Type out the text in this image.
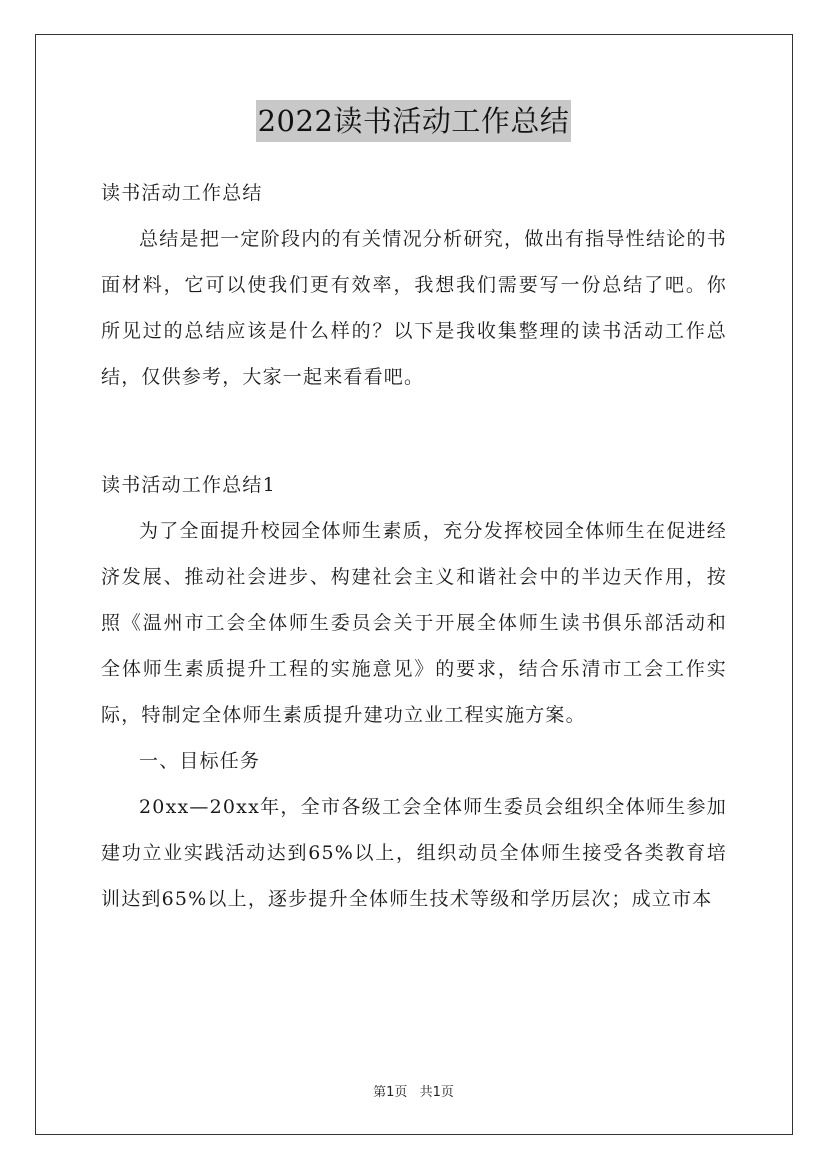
2022读书活动工作总结

读书活动工作总结

总结是把一定阶段内的有关情况分析研究，做出有指导性结论的书面材料，它可以使我们更有效率，我想我们需要写一份总结了吧。你所见过的总结应该是什么样的？以下是我收集整理的读书活动工作总结，仅供参考，大家一起来看看吧。

读书活动工作总结1

为了全面提升校园全体师生素质，充分发挥校园全体师生在促进经济发展、推动社会进步、构建社会主义和谐社会中的半边天作用，按照《温州市工会全体师生委员会关于开展全体师生读书俱乐部活动和全体师生素质提升工程的实施意见》的要求，结合乐清市工会工作实际，特制定全体师生素质提升建功立业工程实施方案。

一、目标任务

20xx—20xx年，全市各级工会全体师生委员会组织全体师生参加建功立业实践活动达到65%以上，组织动员全体师生接受各类教育培训达到65%以上，逐步提升全体师生技术等级和学历层次；成立市本

第1页 共1页
